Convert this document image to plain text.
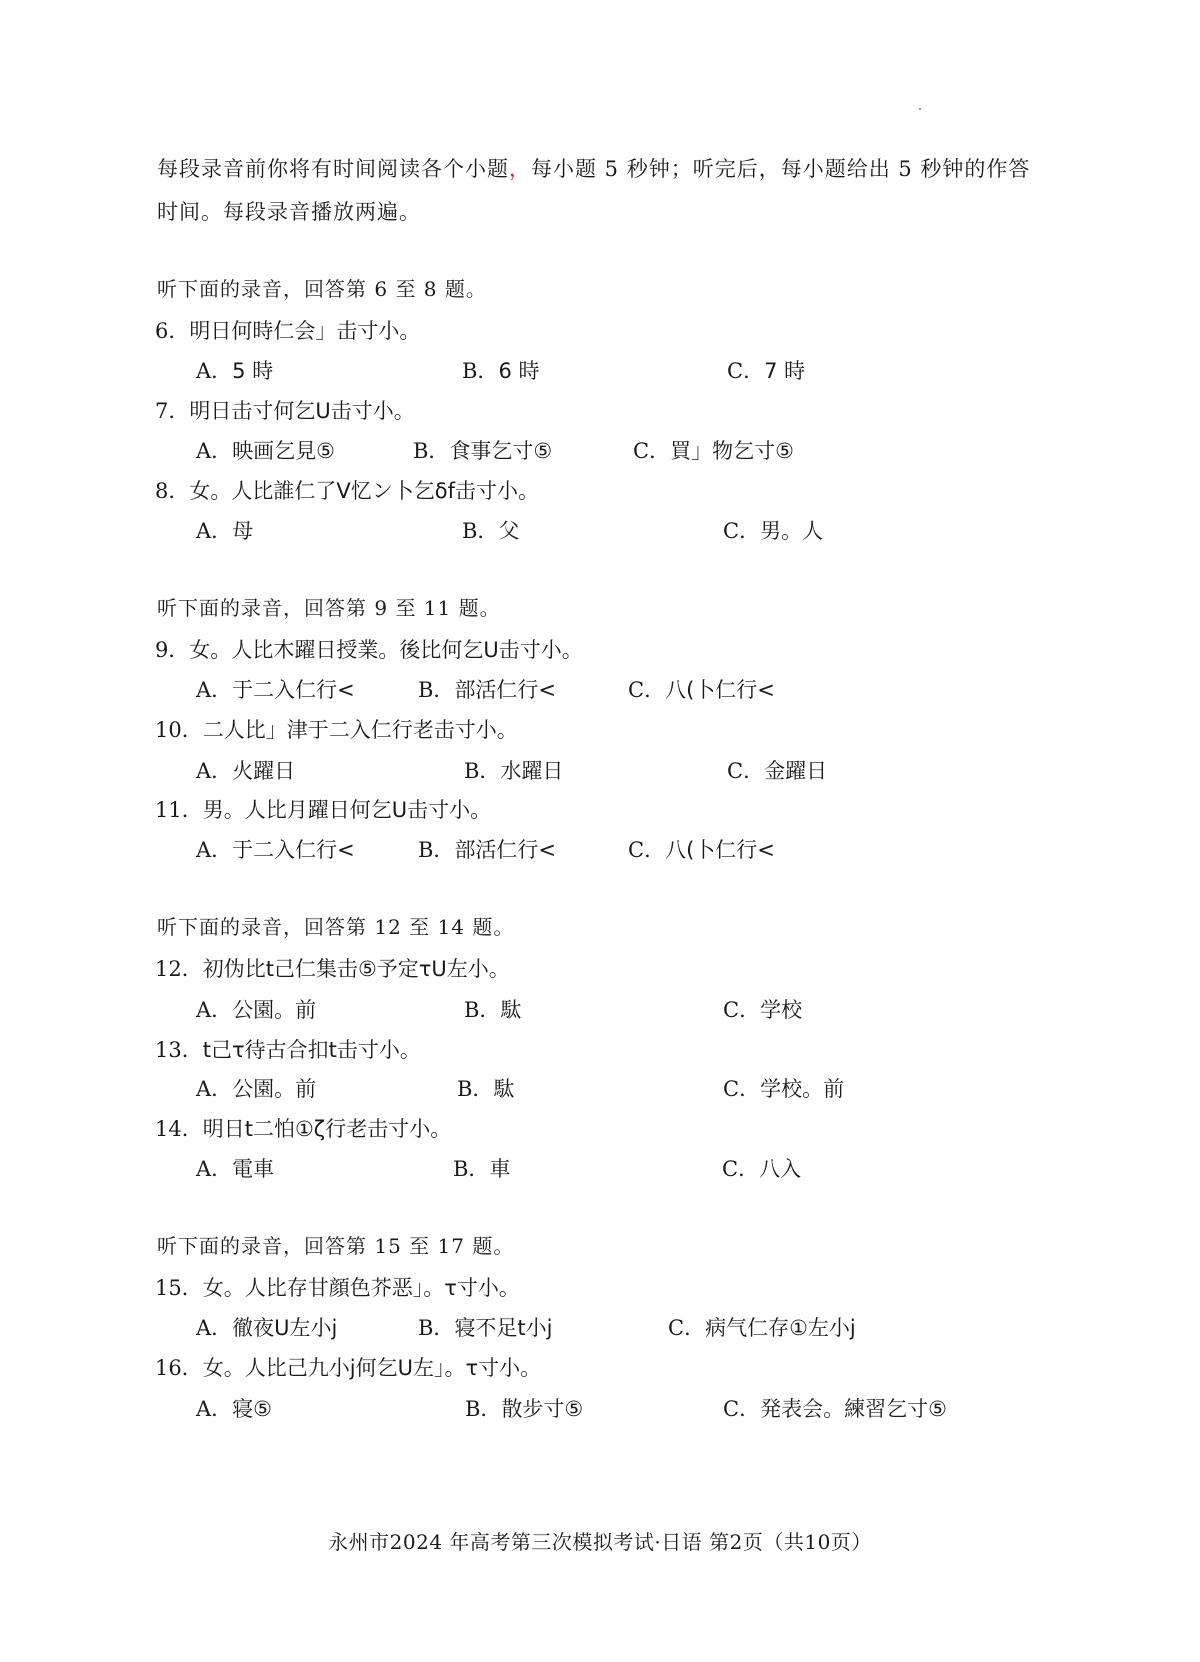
每段录音前你将有时间阅读各个小题，每小题 5 秒钟；听完后，每小题给出 5 秒钟的作答
时间。每段录音播放两遍。
听下面的录音，回答第 6 至 8 题。
6．明日何時仁会」击寸小。
A．5 時	B．6 時	C．7 時
7．明日击寸何乞U击寸小。
A．映画乞見⑤	B．食事乞寸⑤	C．買」物乞寸⑤
8．女。人比誰仁了Ⅴ忆ン卜乞δf击寸小。
A．母	B．父	C．男。人
听下面的录音，回答第 9 至 11 题。
9．女。人比木躍日授業。後比何乞U击寸小。
A．于二入仁行<	B．部活仁行<	C．八(卜仁行<
10．二人比」津于二入仁行老击寸小。
A．火躍日	B．水躍日	C．金躍日
11．男。人比月躍日何乞U击寸小。
A．于二入仁行<	B．部活仁行<	C．八(卜仁行<
听下面的录音，回答第 12 至 14 题。
12．初伪比t己仁集击⑤予定τU左小。
A．公園。前	B．駄	C．学校
13．t己τ待古合扣t击寸小。
A．公園。前	B．駄	C．学校。前
14．明日t二怕①ζ行老击寸小。
A．電車	B．車	C．八入
听下面的录音，回答第 15 至 17 题。
15．女。人比存甘顔色芥恶」。τ寸小。
A．徹夜U左小j	B．寝不足t小j	C．病气仁存①左小j
16．女。人比己九小j何乞U左」。τ寸小。
A．寝⑤	B．散步寸⑤	C．発表会。練習乞寸⑤
永州市2024 年高考第三次模拟考试·日语 第2页（共10页）
